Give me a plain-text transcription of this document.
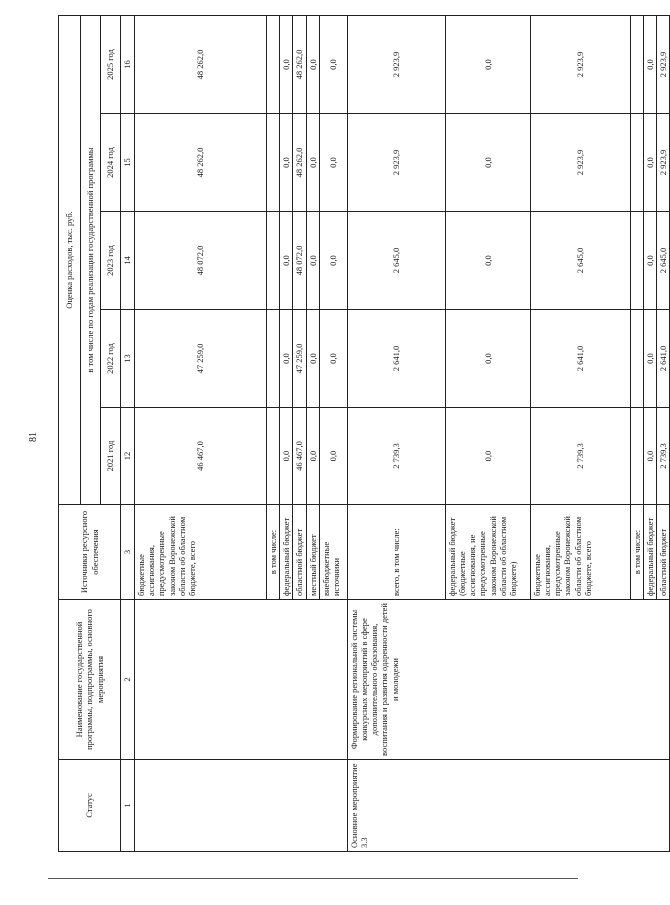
81
Статус	Наименование государственной программы, подпрограммы, основного мероприятия	Источники ресурсного обеспечения	Оценка расходов, тыс. руб.				
			в том числе по годам реализации государственной программы				
			2021 год	2022 год	2023 год	2024 год	2025 год
1	2	3	12	13	14	15	16
		бюджетные ассигнования, предусмотренные законом Воронежской области об областном бюджете, всего	46 467,0	47 259,0	48 072,0	48 262,0	48 262,0
		в том числе:					
		федеральный бюджет	0,0	0,0	0,0	0,0	0,0
		областной бюджет	46 467,0	47 259,0	48 072,0	48 262,0	48 262,0
		местный бюджет	0,0	0,0	0,0	0,0	0,0
		внебюджетные источники	0,0	0,0	0,0	0,0	0,0
Основное мероприятие 3.3	Формирование региональной системы конкурсных мероприятий в сфере дополнительного образования, воспитания и развития одаренности детей и молодежи	всего, в том числе:	2 739,3	2 641,0	2 645,0	2 923,9	2 923,9
		федеральный бюджет (бюджетные ассигнования, не предусмотренные законом Воронежской области об областном бюджете)	0,0	0,0	0,0	0,0	0,0
		бюджетные ассигнования, предусмотренные законом Воронежской области об областном бюджете, всего	2 739,3	2 641,0	2 645,0	2 923,9	2 923,9
		в том числе:					
		федеральный бюджет	0,0	0,0	0,0	0,0	0,0
		областной бюджет	2 739,3	2 641,0	2 645,0	2 923,9	2 923,9
